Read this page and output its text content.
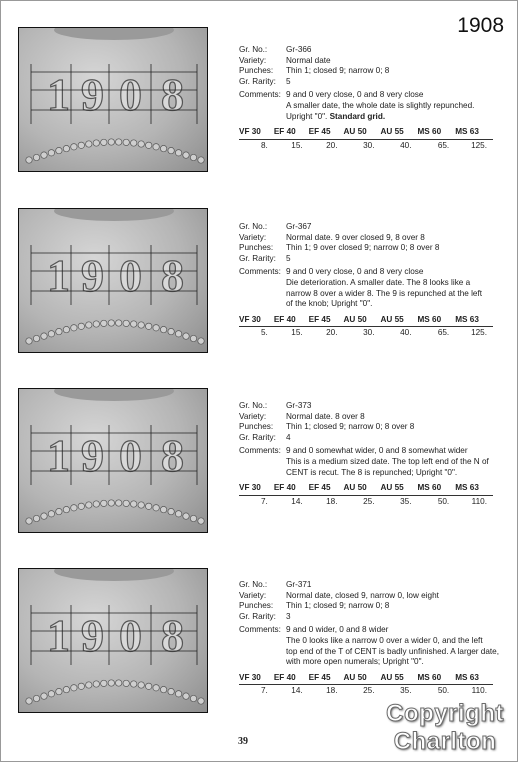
1908
1 9 0 8
Gr. No.:	Gr-366
Variety:	Normal date
Punches:	Thin 1; closed 9; narrow 0; 8
Gr. Rarity:	5
Comments: 9 and 0 very close, 0 and 8 very close
A smaller date, the whole date is slightly repunched.
Upright "0". Standard grid.
VF 30	EF 40	EF 45	AU 50	AU 55	MS 60	MS 63
8.	15.	20.	30.	40.	65.	125.
1 9 0 8
Gr. No.:	Gr-367
Variety:	Normal date. 9 over closed 9, 8 over 8
Punches:	Thin 1; 9 over closed 9; narrow 0; 8 over 8
Gr. Rarity:	5
Comments: 9 and 0 very close, 0 and 8 very close
Die deterioration. A smaller date. The 8 looks like a
narrow 8 over a wider 8. The 9 is repunched at the left
of the knob; Upright "0".
VF 30	EF 40	EF 45	AU 50	AU 55	MS 60	MS 63
5.	15.	20.	30.	40.	65.	125.
1 9 0 8
Gr. No.:	Gr-373
Variety:	Normal date. 8 over 8
Punches:	Thin 1; closed 9; narrow 0; 8 over 8
Gr. Rarity:	4
Comments: 9 and 0 somewhat wider, 0 and 8 somewhat wider
This is a medium sized date. The top left end of the N of
CENT is recut. The 8 is repunched; Upright "0".
VF 30	EF 40	EF 45	AU 50	AU 55	MS 60	MS 63
7.	14.	18.	25.	35.	50.	110.
1 9 0 8
Gr. No.:	Gr-371
Variety:	Normal date, closed 9, narrow 0, low eight
Punches:	Thin 1; closed 9; narrow 0; 8
Gr. Rarity:	3
Comments: 9 and 0 wider, 0 and 8 wider
The 0 looks like a narrow 0 over a wider 0, and the left
top end of the T of CENT is badly unfinished. A larger date,
with more open numerals; Upright "0".
VF 30	EF 40	EF 45	AU 50	AU 55	MS 60	MS 63
7.	14.	18.	25.	35.	50.	110.
39
Copyright
Charlton
